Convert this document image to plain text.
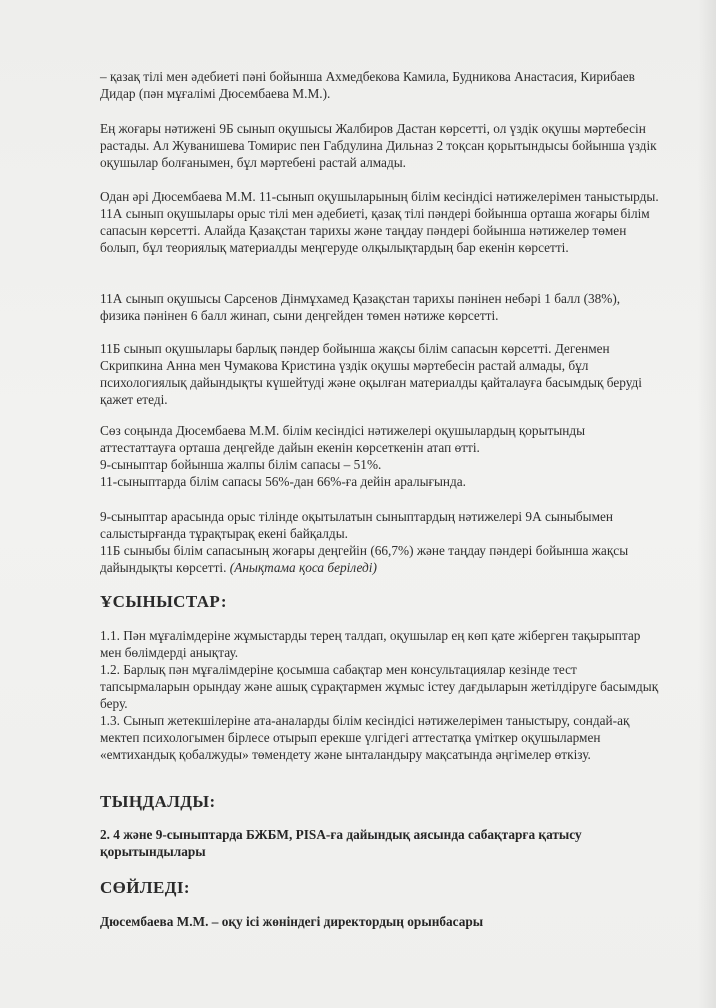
– қазақ тілі мен әдебиеті пәні бойынша Ахмедбекова Камила, Будникова Анастасия, Кирибаев Дидар (пән мұғалімі Дюсембаева М.М.).

Ең жоғары нәтижені 9Б сынып оқушысы Жалбиров Дастан көрсетті, ол үздік оқушы мәртебесін растады. Ал Жуванишева Томирис пен Габдулина Дильназ 2 тоқсан қорытындысы бойынша үздік оқушылар болғанымен, бұл мәртебені растай алмады.

Одан әрі Дюсембаева М.М. 11-сынып оқушыларының білім кесіндісі нәтижелерімен таныстырды. 11А сынып оқушылары орыс тілі мен әдебиеті, қазақ тілі пәндері бойынша орташа жоғары білім сапасын көрсетті. Алайда Қазақстан тарихы және таңдау пәндері бойынша нәтижелер төмен болып, бұл теориялық материалды меңгеруде олқылықтардың бар екенін көрсетті.

11А сынып оқушысы Сарсенов Дінмұхамед Қазақстан тарихы пәнінен небәрі 1 балл (38%), физика пәнінен 6 балл жинап, сыни деңгейден төмен нәтиже көрсетті.

11Б сынып оқушылары барлық пәндер бойынша жақсы білім сапасын көрсетті. Дегенмен Скрипкина Анна мен Чумакова Кристина үздік оқушы мәртебесін растай алмады, бұл психологиялық дайындықты күшейтуді және оқылған материалды қайталауға басымдық беруді қажет етеді.

Сөз соңында Дюсембаева М.М. білім кесіндісі нәтижелері оқушылардың қорытынды аттестаттауға орташа деңгейде дайын екенін көрсеткенін атап өтті.

9-сыныптар бойынша жалпы білім сапасы – 51%.

11-сыныптарда білім сапасы 56%-дан 66%-ға дейін аралығында.

9-сыныптар арасында орыс тілінде оқытылатын сыныптардың нәтижелері 9А сыныбымен салыстырғанда тұрақтырақ екені байқалды.

11Б сыныбы білім сапасының жоғары деңгейін (66,7%) және таңдау пәндері бойынша жақсы дайындықты көрсетті. (Анықтама қоса беріледі)

ҰСЫНЫСТАР:

1.1. Пән мұғалімдеріне жұмыстарды терең талдап, оқушылар ең көп қате жіберген тақырыптар мен бөлімдерді анықтау.

1.2. Барлық пән мұғалімдеріне қосымша сабақтар мен консультациялар кезінде тест тапсырмаларын орындау және ашық сұрақтармен жұмыс істеу дағдыларын жетілдіруге басымдық беру.

1.3. Сынып жетекшілеріне ата-аналарды білім кесіндісі нәтижелерімен таныстыру, сондай-ақ мектеп психологымен бірлесе отырып ерекше үлгідегі аттестатқа үміткер оқушылармен «емтихандық қобалжуды» төмендету және ынталандыру мақсатында әңгімелер өткізу.

ТЫҢДАЛДЫ:

2. 4 және 9-сыныптарда БЖБМ, PISA-ға дайындық аясында сабақтарға қатысу қорытындылары

СӨЙЛЕДІ:

Дюсембаева М.М. – оқу ісі жөніндегі директордың орынбасары
